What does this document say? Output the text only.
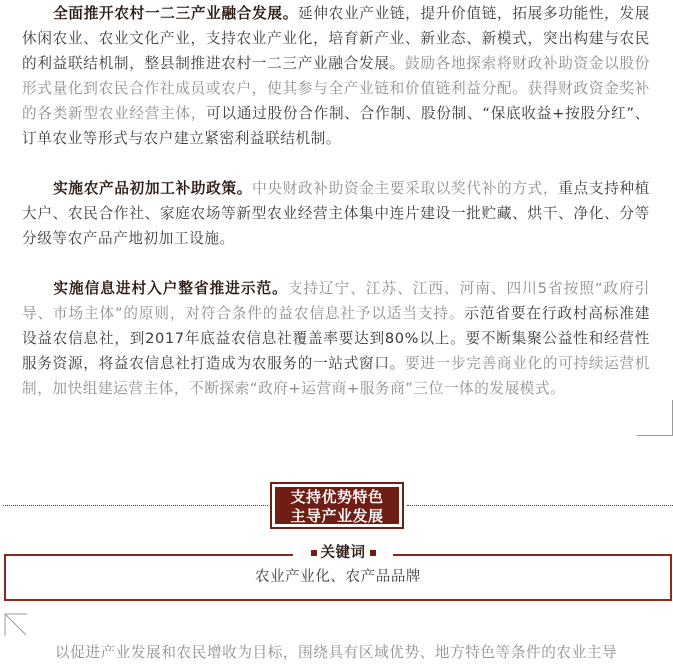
全面推开农村一二三产业融合发展。延伸农业产业链，提升价值链，拓展多功能性，发展休闲农业、农业文化产业，支持农业产业化，培育新产业、新业态、新模式，突出构建与农民的利益联结机制，整县制推进农村一二三产业融合发展。鼓励各地探索将财政补助资金以股份形式量化到农民合作社成员或农户，使其参与全产业链和价值链利益分配。获得财政资金奖补的各类新型农业经营主体，可以通过股份合作制、合作制、股份制、“保底收益+按股分红”、订单农业等形式与农户建立紧密利益联结机制。
实施农产品初加工补助政策。中央财政补助资金主要采取以奖代补的方式，重点支持种植大户、农民合作社、家庭农场等新型农业经营主体集中连片建设一批贮藏、烘干、净化、分等分级等农产品产地初加工设施。
实施信息进村入户整省推进示范。支持辽宁、江苏、江西、河南、四川5省按照“政府引导、市场主体”的原则，对符合条件的益农信息社予以适当支持。示范省要在行政村高标准建设益农信息社，到2017年底益农信息社覆盖率要达到80%以上。要不断集聚公益性和经营性服务资源，将益农信息社打造成为农服务的一站式窗口。要进一步完善商业化的可持续运营机制，加快组建运营主体，不断探索“政府+运营商+服务商”三位一体的发展模式。
支持优势特色
主导产业发展
关键词
农业产业化、农产品品牌
以促进产业发展和农民增收为目标，围绕具有区域优势、地方特色等条件的农业主导
